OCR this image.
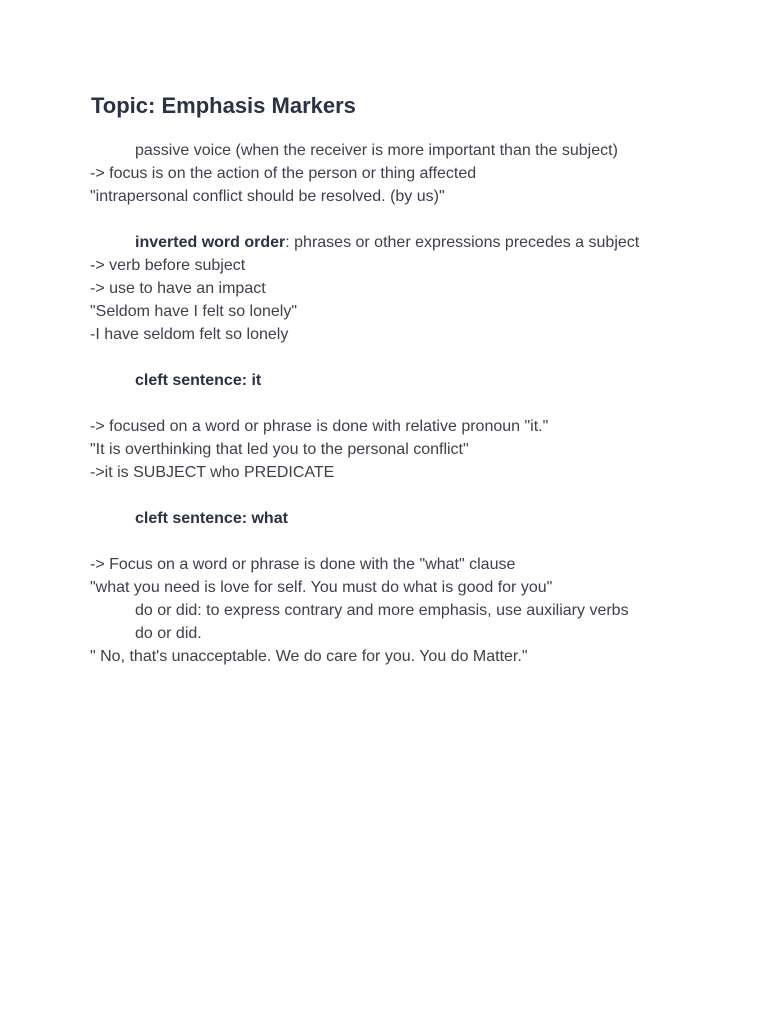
Topic: Emphasis Markers
passive voice (when the receiver is more important than the subject)
-> focus is on the action of the person or thing affected
"intrapersonal conflict should be resolved. (by us)"
inverted word order: phrases or other expressions precedes a subject
-> verb before subject
-> use to have an impact
"Seldom have I felt so lonely"
-I have seldom felt so lonely
cleft sentence: it
-> focused on a word or phrase is done with relative pronoun "it."
"It is overthinking that led you to the personal conflict"
->it is SUBJECT who PREDICATE
cleft sentence: what
-> Focus on a word or phrase is done with the "what" clause
"what you need is love for self. You must do what is good for you"
do or did: to express contrary and more emphasis, use auxiliary verbs
do or did.
" No, that's unacceptable. We do care for you. You do Matter."
